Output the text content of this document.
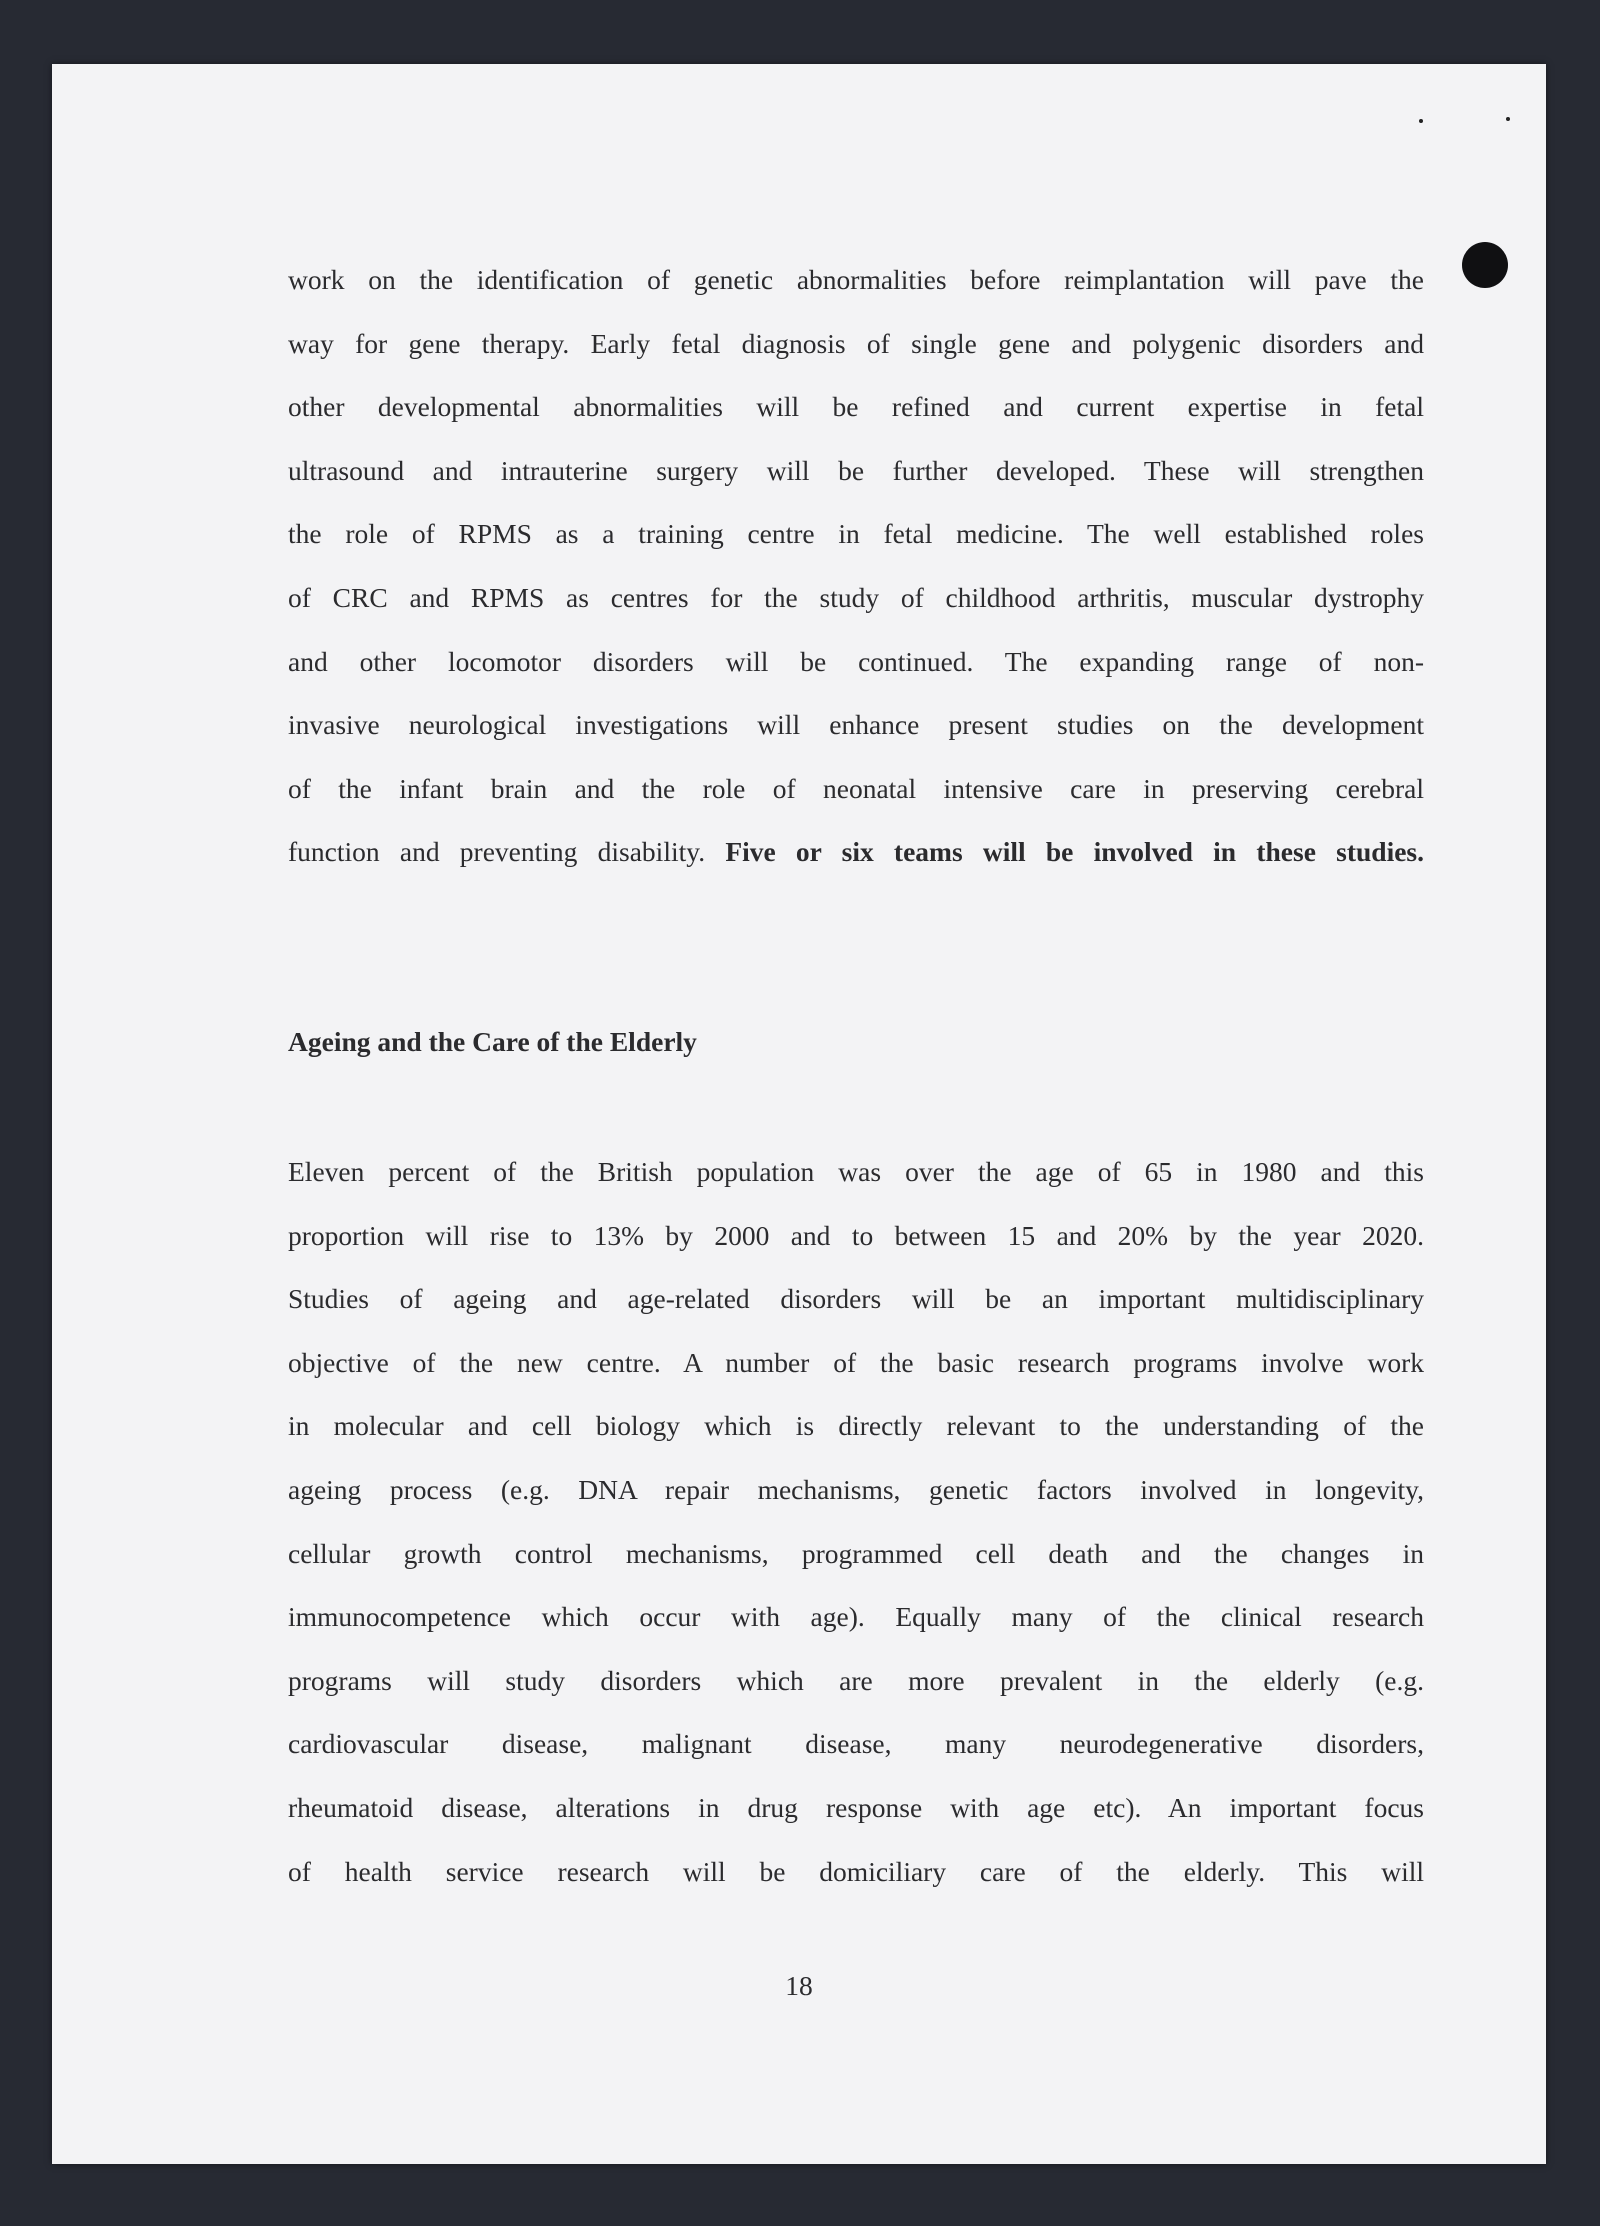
work on the identification of genetic abnormalities before reimplantation will pave the
way for gene therapy. Early fetal diagnosis of single gene and polygenic disorders and
other developmental abnormalities will be refined and current expertise in fetal
ultrasound and intrauterine surgery will be further developed. These will strengthen
the role of RPMS as a training centre in fetal medicine. The well established roles
of CRC and RPMS as centres for the study of childhood arthritis, muscular dystrophy
and other locomotor disorders will be continued. The expanding range of non-
invasive neurological investigations will enhance present studies on the development
of the infant brain and the role of neonatal intensive care in preserving cerebral
function and preventing disability. Five or six teams will be involved in these studies.
Eleven percent of the British population was over the age of 65 in 1980 and this
proportion will rise to 13% by 2000 and to between 15 and 20% by the year 2020.
Studies of ageing and age-related disorders will be an important multidisciplinary
objective of the new centre. A number of the basic research programs involve work
in molecular and cell biology which is directly relevant to the understanding of the
ageing process (e.g. DNA repair mechanisms, genetic factors involved in longevity,
cellular growth control mechanisms, programmed cell death and the changes in
immunocompetence which occur with age). Equally many of the clinical research
programs will study disorders which are more prevalent in the elderly (e.g.
cardiovascular disease, malignant disease, many neurodegenerative disorders,
rheumatoid disease, alterations in drug response with age etc). An important focus
of health service research will be domiciliary care of the elderly. This will
Ageing and the Care of the Elderly

18
